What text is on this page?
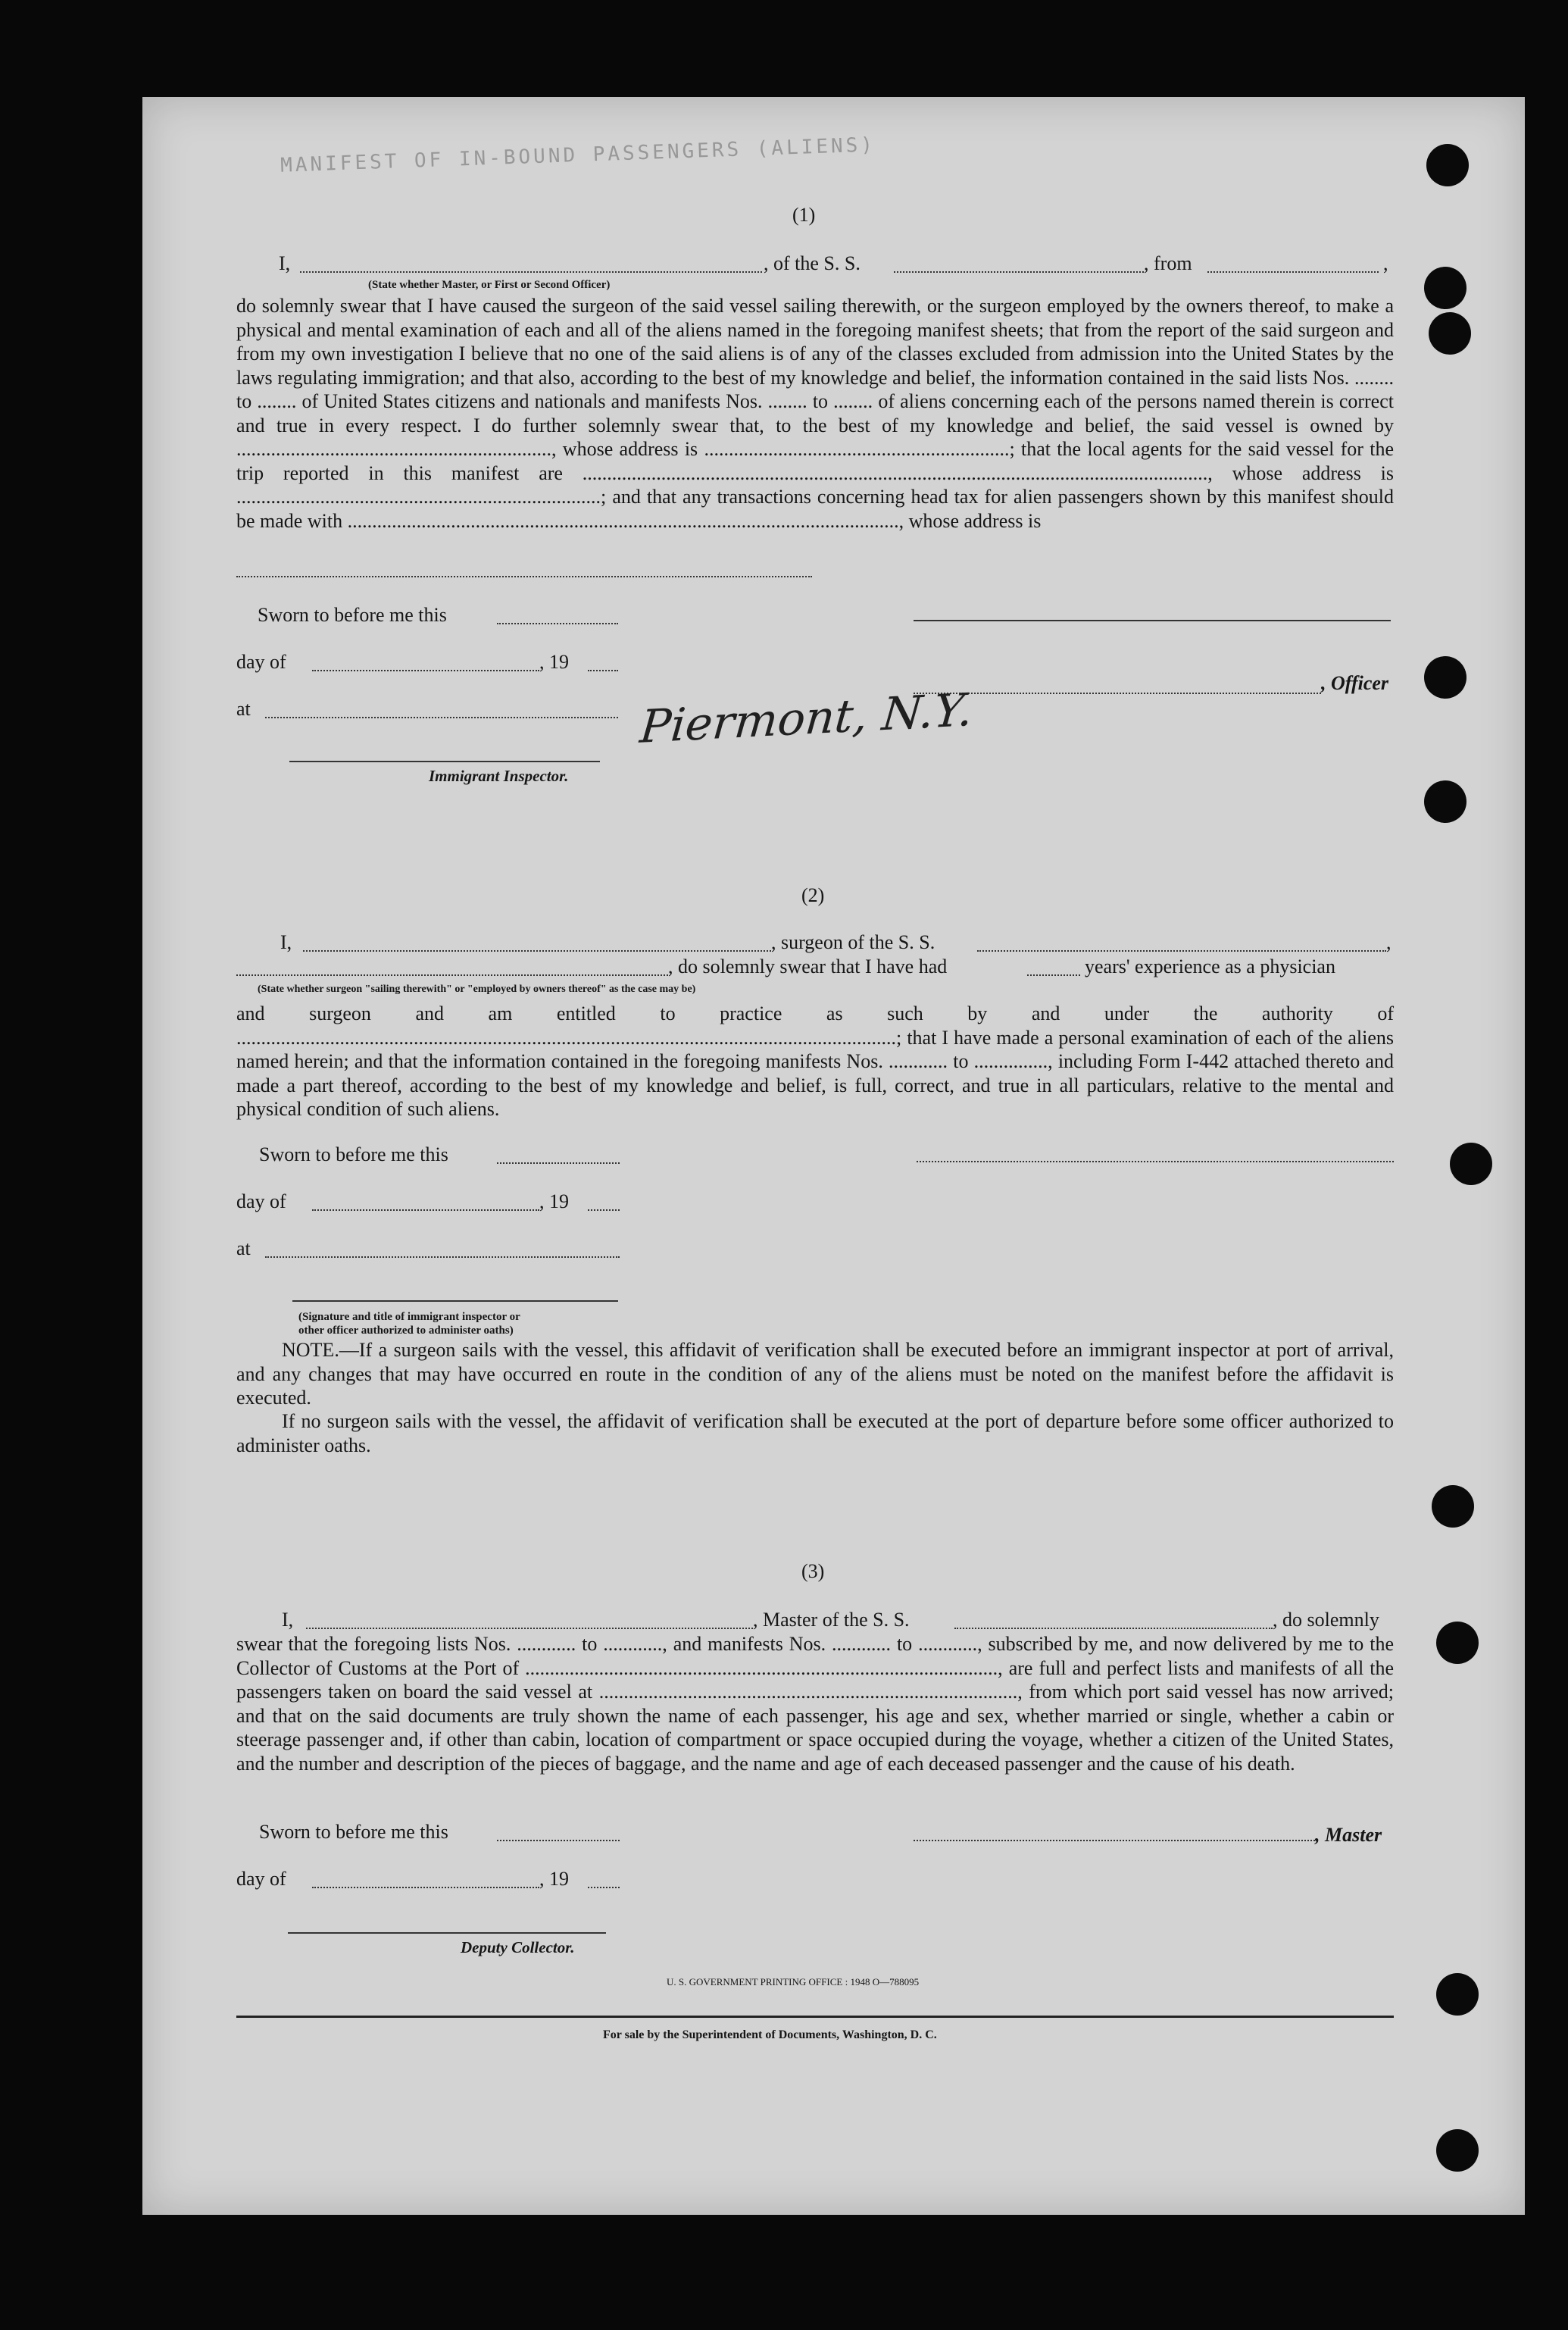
MANIFEST OF IN-BOUND PASSENGERS (ALIENS)
(1)
I,	, of the S. S.	, from	,
(State whether Master, or First or Second Officer)
do solemnly swear that I have caused the surgeon of the said vessel sailing therewith, or the surgeon employed by the owners thereof, to make a physical and mental examination of each and all of the aliens named in the foregoing manifest sheets; that from the report of the said surgeon and from my own investigation I believe that no one of the said aliens is of any of the classes excluded from admission into the United States by the laws regulating immigration; and that also, according to the best of my knowledge and belief, the information contained in the said lists Nos. ........ to ........ of United States citizens and nationals and manifests Nos. ........ to ........ of aliens concerning each of the persons named therein is correct and true in every respect. I do further solemnly swear that, to the best of my knowledge and belief, the said vessel is owned by ................................................................, whose address is ..............................................................; that the local agents for the said vessel for the trip reported in this manifest are ..............................................................................................................................., whose address is ..........................................................................; and that any transactions concerning head tax for alien passengers shown by this manifest should be made with ................................................................................................................, whose address is
Sworn to before me this
day of	, 19
at
, Officer
Piermont, N.Y.
Immigrant Inspector.
(2)
I,	, surgeon of the S. S.	,
, do solemnly swear that I have had	years' experience as a physician
(State whether surgeon "sailing therewith" or "employed by owners thereof" as the case may be)
and surgeon and am entitled to practice as such by and under the authority of ......................................................................................................................................; that I have made a personal examination of each of the aliens named herein; and that the information contained in the foregoing manifests Nos. ............ to ..............., including Form I-442 attached thereto and made a part thereof, according to the best of my knowledge and belief, is full, correct, and true in all particulars, relative to the mental and physical condition of such aliens.
Sworn to before me this
day of	, 19
at
(Signature and title of immigrant inspector or
other officer authorized to administer oaths)
NOTE.—If a surgeon sails with the vessel, this affidavit of verification shall be executed before an immigrant inspector at port of arrival, and any changes that may have occurred en route in the condition of any of the aliens must be noted on the manifest before the affidavit is executed.
If no surgeon sails with the vessel, the affidavit of verification shall be executed at the port of departure before some officer authorized to administer oaths.
(3)
I,	, Master of the S. S.	, do solemnly
swear that the foregoing lists Nos. ............ to ............, and manifests Nos. ............ to ............, subscribed by me, and now delivered by me to the Collector of Customs at the Port of ................................................................................................, are full and perfect lists and manifests of all the passengers taken on board the said vessel at ....................................................................................., from which port said vessel has now arrived; and that on the said documents are truly shown the name of each passenger, his age and sex, whether married or single, whether a cabin or steerage passenger and, if other than cabin, location of compartment or space occupied during the voyage, whether a citizen of the United States, and the number and description of the pieces of baggage, and the name and age of each deceased passenger and the cause of his death.
Sworn to before me this	, Master
day of	, 19
Deputy Collector.
U. S. GOVERNMENT PRINTING OFFICE : 1948 O—788095
For sale by the Superintendent of Documents, Washington, D. C.
